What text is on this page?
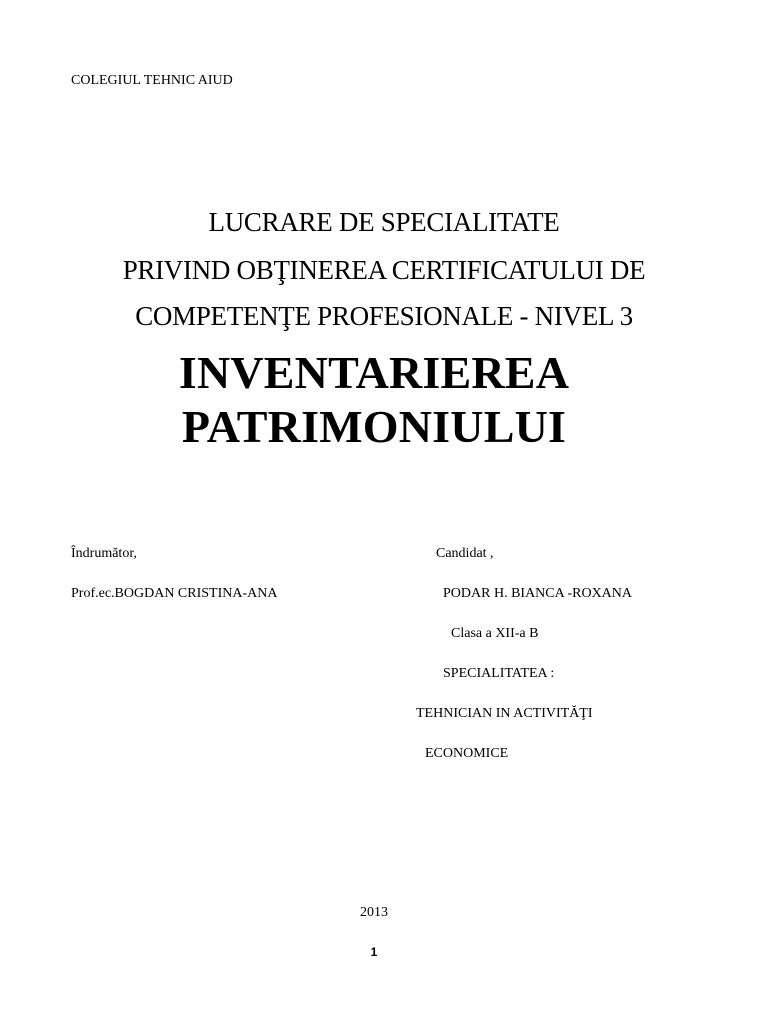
COLEGIUL TEHNIC AIUD
LUCRARE DE SPECIALITATE
PRIVIND OBŢINEREA CERTIFICATULUI DE
COMPETENŢE PROFESIONALE - NIVEL 3
INVENTARIEREA
PATRIMONIULUI
Îndrumător,	Candidat ,
Prof.ec.BOGDAN CRISTINA-ANA	PODAR H. BIANCA -ROXANA
Clasa a XII-a B
SPECIALITATEA :
TEHNICIAN IN ACTIVITĂŢI
ECONOMICE
2013
1
